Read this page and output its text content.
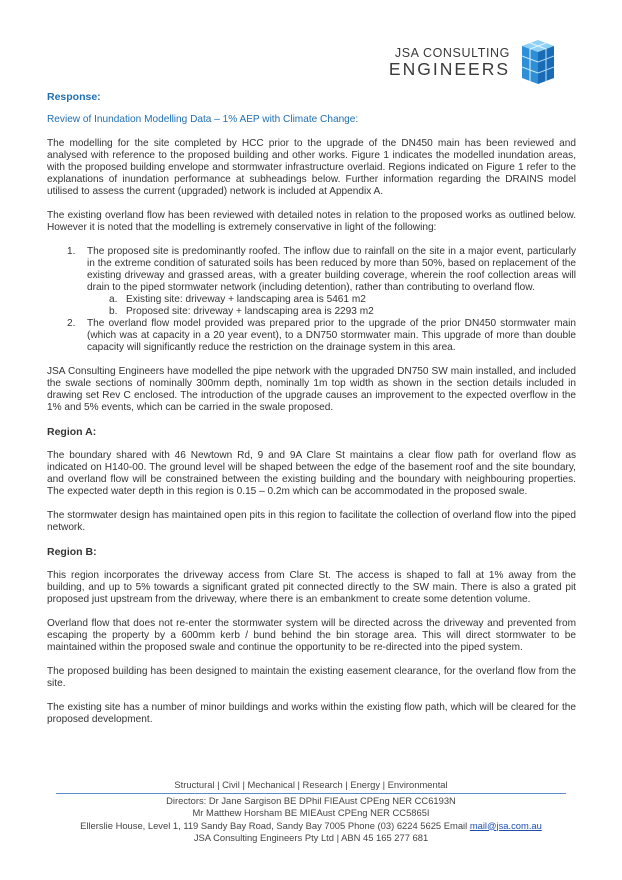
JSA CONSULTING
ENGINEERS

Response:

Review of Inundation Modelling Data – 1% AEP with Climate Change:

The modelling for the site completed by HCC prior to the upgrade of the DN450 main has been reviewed and analysed with reference to the proposed building and other works. Figure 1 indicates the modelled inundation areas, with the proposed building envelope and stormwater infrastructure overlaid. Regions indicated on Figure 1 refer to the explanations of inundation performance at subheadings below. Further information regarding the DRAINS model utilised to assess the current (upgraded) network is included at Appendix A.

The existing overland flow has been reviewed with detailed notes in relation to the proposed works as outlined below. However it is noted that the modelling is extremely conservative in light of the following:

1. The proposed site is predominantly roofed. The inflow due to rainfall on the site in a major event, particularly in the extreme condition of saturated soils has been reduced by more than 50%, based on replacement of the existing driveway and grassed areas, with a greater building coverage, wherein the roof collection areas will drain to the piped stormwater network (including detention), rather than contributing to overland flow.
a. Existing site: driveway + landscaping area is 5461 m2
b. Proposed site: driveway + landscaping area is 2293 m2
2. The overland flow model provided was prepared prior to the upgrade of the prior DN450 stormwater main (which was at capacity in a 20 year event), to a DN750 stormwater main. This upgrade of more than double capacity will significantly reduce the restriction on the drainage system in this area.

JSA Consulting Engineers have modelled the pipe network with the upgraded DN750 SW main installed, and included the swale sections of nominally 300mm depth, nominally 1m top width as shown in the section details included in drawing set Rev C enclosed. The introduction of the upgrade causes an improvement to the expected overflow in the 1% and 5% events, which can be carried in the swale proposed.

Region A:

The boundary shared with 46 Newtown Rd, 9 and 9A Clare St maintains a clear flow path for overland flow as indicated on H140-00. The ground level will be shaped between the edge of the basement roof and the site boundary, and overland flow will be constrained between the existing building and the boundary with neighbouring properties. The expected water depth in this region is 0.15 – 0.2m which can be accommodated in the proposed swale.

The stormwater design has maintained open pits in this region to facilitate the collection of overland flow into the piped network.

Region B:

This region incorporates the driveway access from Clare St. The access is shaped to fall at 1% away from the building, and up to 5% towards a significant grated pit connected directly to the SW main. There is also a grated pit proposed just upstream from the driveway, where there is an embankment to create some detention volume.

Overland flow that does not re-enter the stormwater system will be directed across the driveway and prevented from escaping the property by a 600mm kerb / bund behind the bin storage area. This will direct stormwater to be maintained within the proposed swale and continue the opportunity to be re-directed into the piped system.

The proposed building has been designed to maintain the existing easement clearance, for the overland flow from the site.

The existing site has a number of minor buildings and works within the existing flow path, which will be cleared for the proposed development.

Structural | Civil | Mechanical | Research | Energy | Environmental
Directors: Dr Jane Sargison BE DPhil FIEAust CPEng NER CC6193N
Mr Matthew Horsham BE MIEAust CPEng NER CC5865I
Ellerslie House, Level 1, 119 Sandy Bay Road, Sandy Bay 7005 Phone (03) 6224 5625 Email mail@jsa.com.au
JSA Consulting Engineers Pty Ltd | ABN 45 165 277 681
